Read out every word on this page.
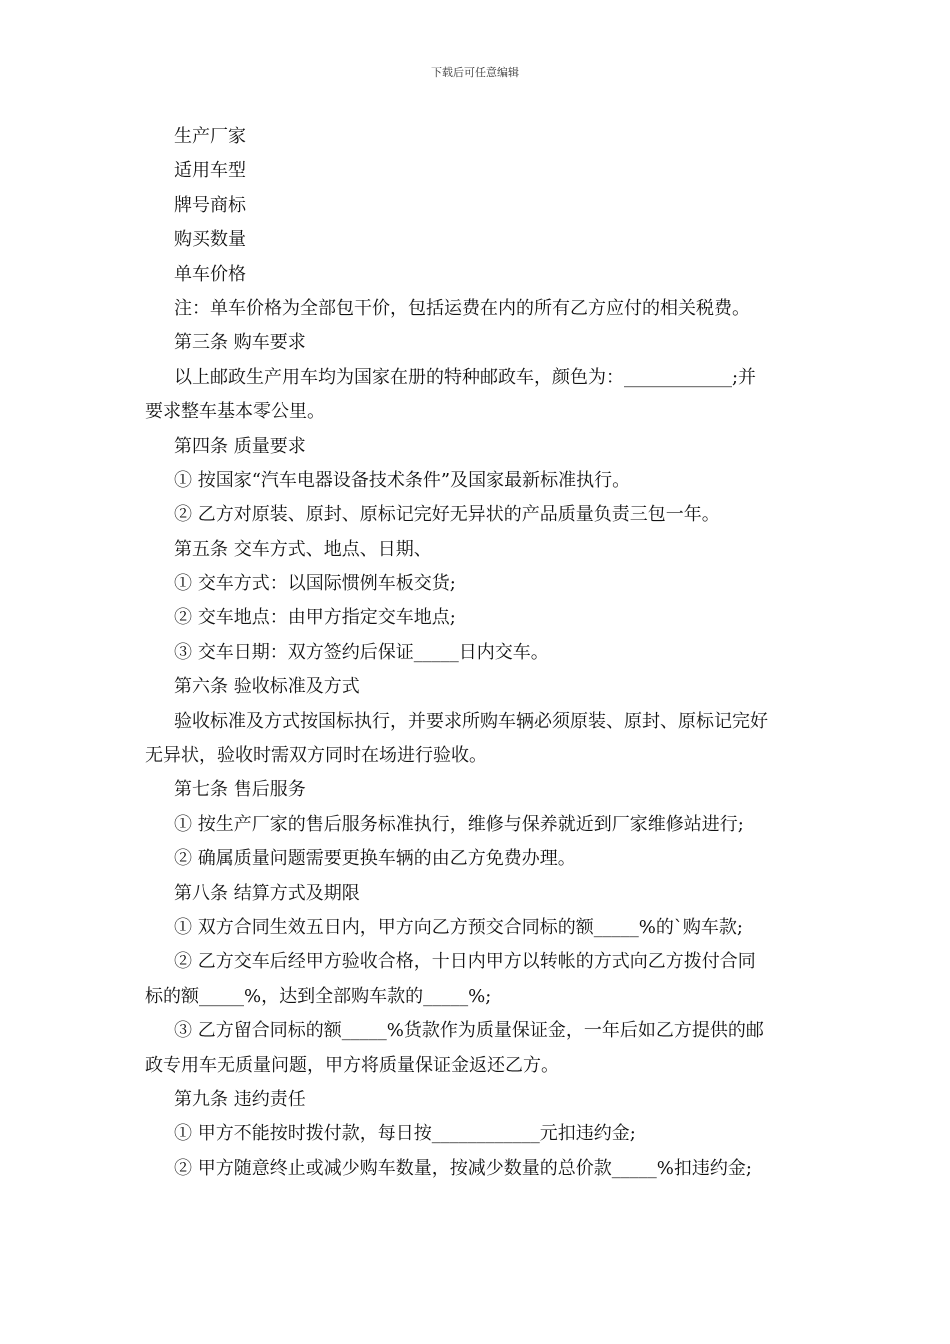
下载后可任意编辑
生产厂家
适用车型
牌号商标
购买数量
单车价格
注：单车价格为全部包干价，包括运费在内的所有乙方应付的相关税费。
第三条 购车要求
以上邮政生产用车均为国家在册的特种邮政车，颜色为：____________;并
要求整车基本零公里。
第四条 质量要求
① 按国家“汽车电器设备技术条件”及国家最新标准执行。
② 乙方对原装、原封、原标记完好无异状的产品质量负责三包一年。
第五条 交车方式、地点、日期、
① 交车方式：以国际惯例车板交货;
② 交车地点：由甲方指定交车地点;
③ 交车日期：双方签约后保证_____日内交车。
第六条 验收标准及方式
验收标准及方式按国标执行，并要求所购车辆必须原装、原封、原标记完好
无异状，验收时需双方同时在场进行验收。
第七条 售后服务
① 按生产厂家的售后服务标准执行，维修与保养就近到厂家维修站进行;
② 确属质量问题需要更换车辆的由乙方免费办理。
第八条 结算方式及期限
① 双方合同生效五日内，甲方向乙方预交合同标的额_____%的`购车款;
② 乙方交车后经甲方验收合格，十日内甲方以转帐的方式向乙方拨付合同
标的额_____%，达到全部购车款的_____%;
③ 乙方留合同标的额_____%货款作为质量保证金，一年后如乙方提供的邮
政专用车无质量问题，甲方将质量保证金返还乙方。
第九条 违约责任
① 甲方不能按时拨付款，每日按____________元扣违约金;
② 甲方随意终止或减少购车数量，按减少数量的总价款_____%扣违约金;
